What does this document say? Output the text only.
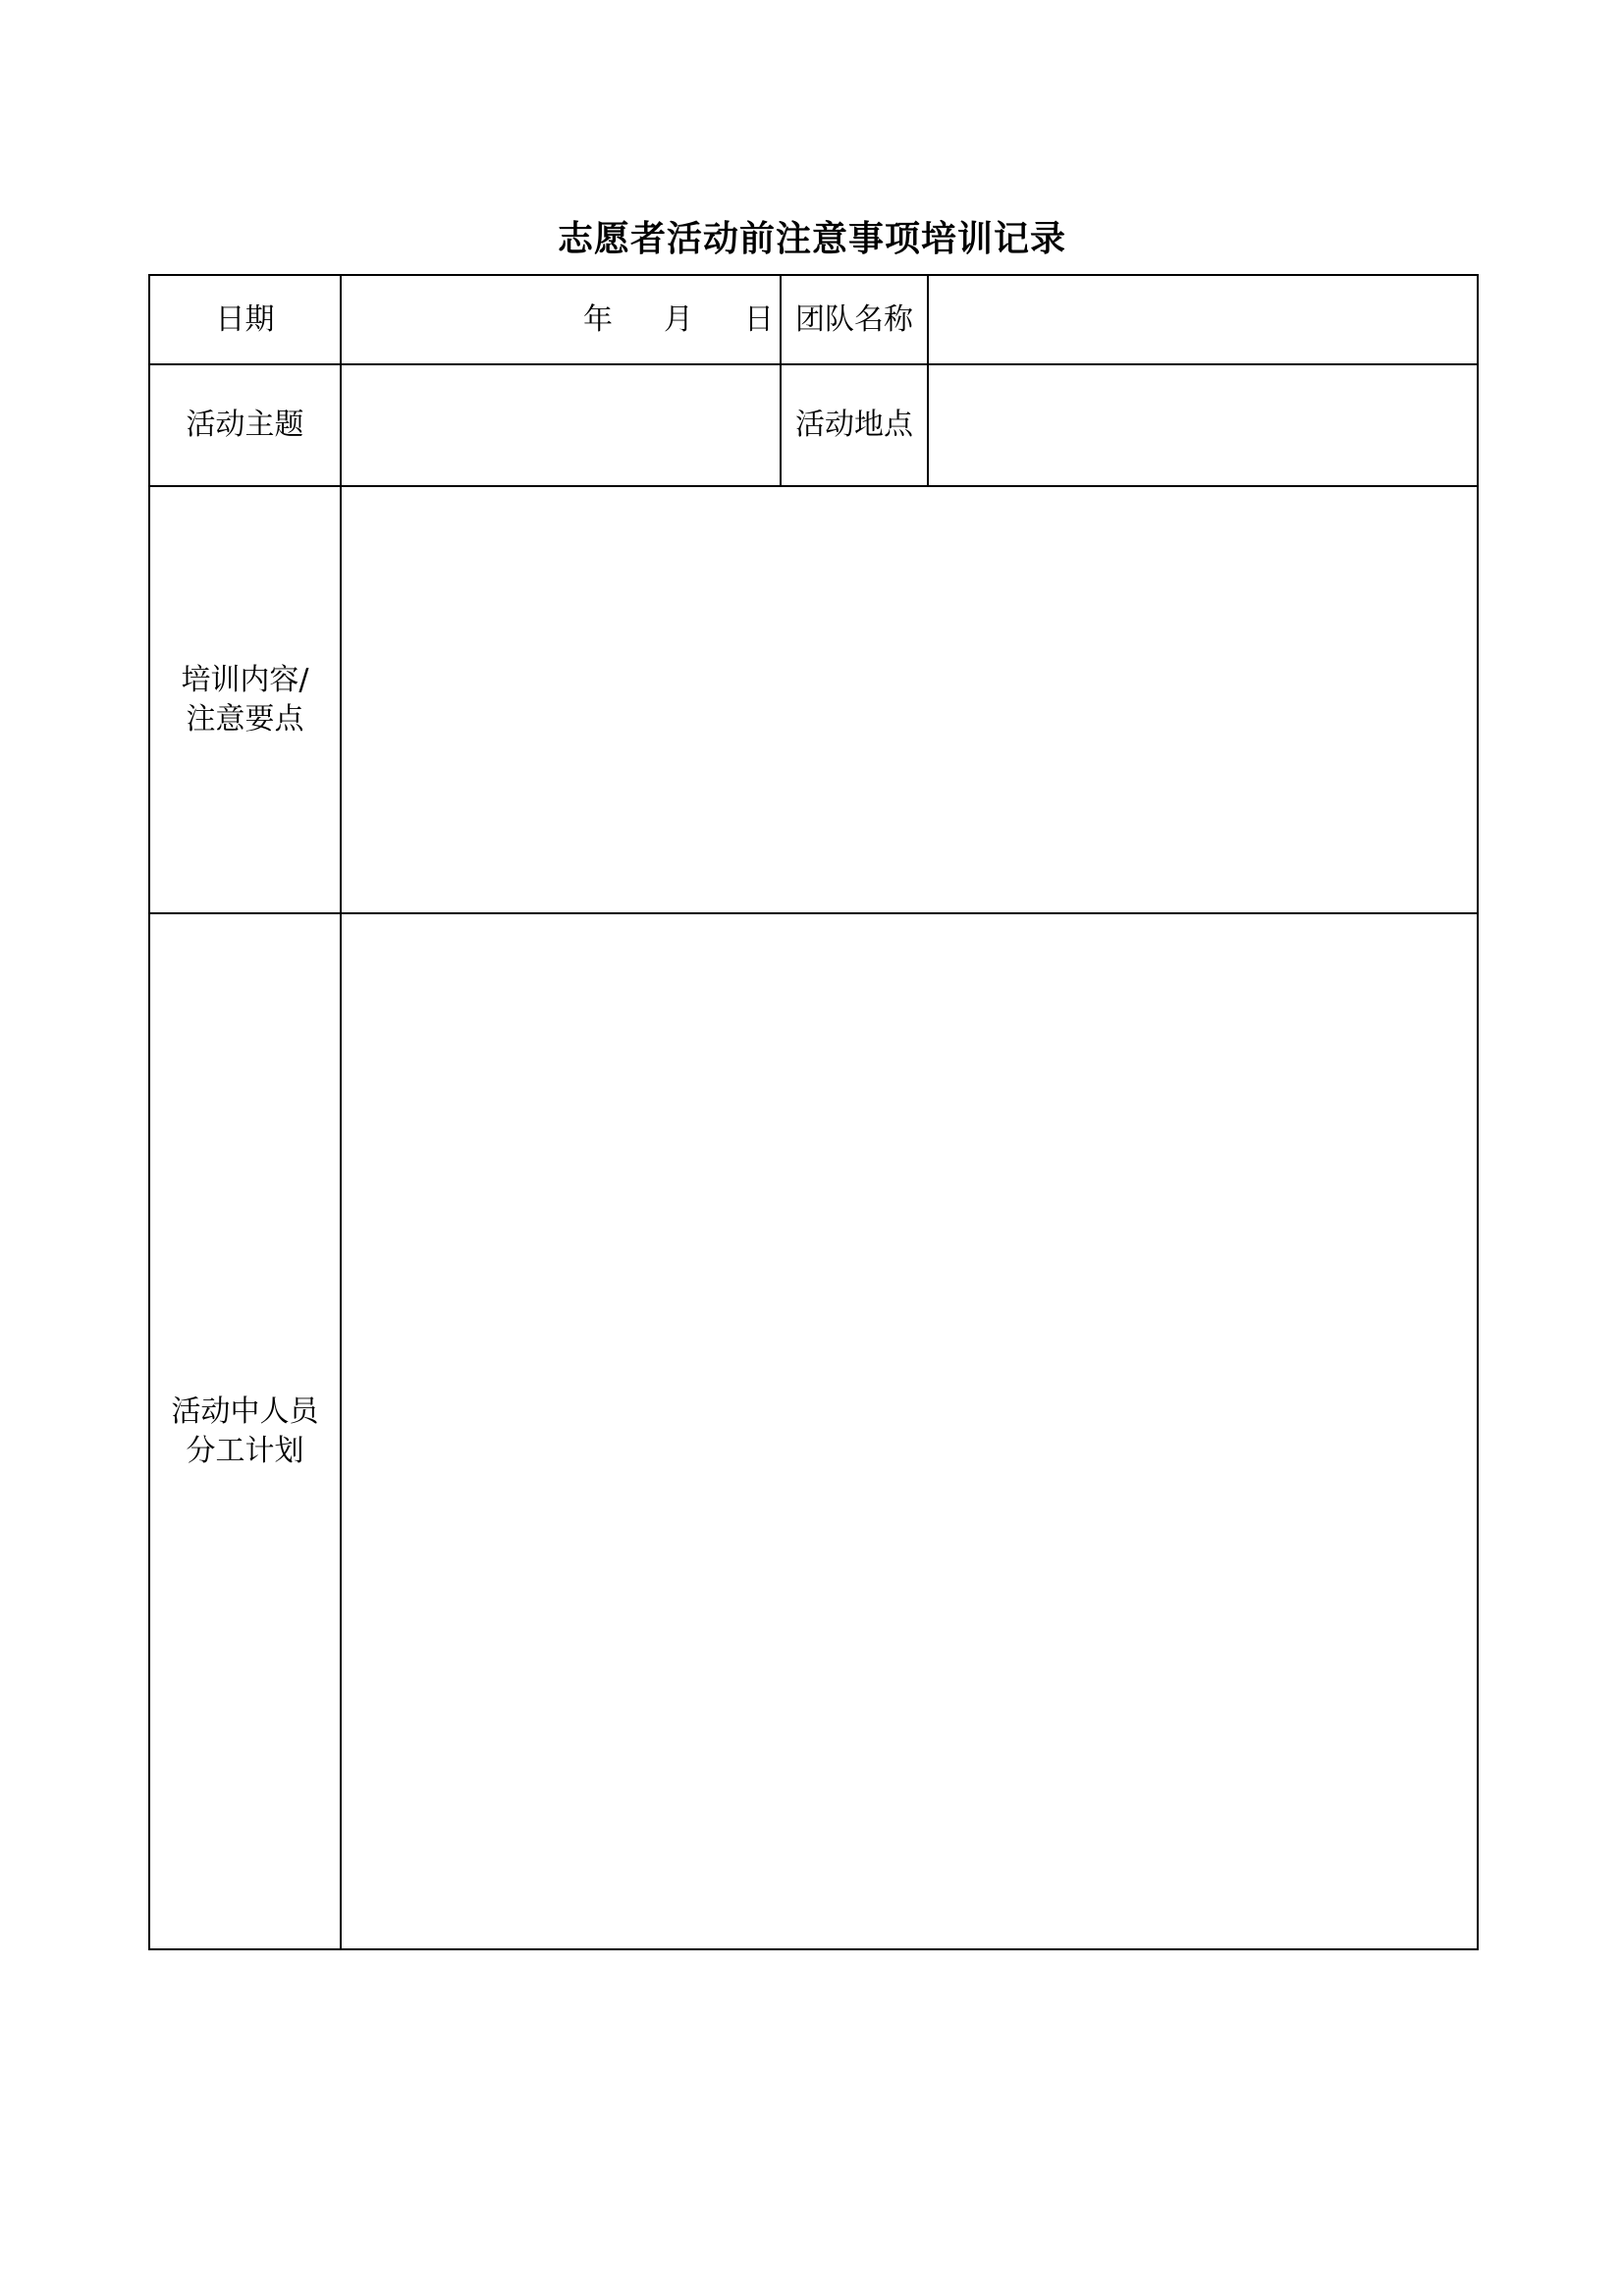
志愿者活动前注意事项培训记录
日期	年 月 日	团队名称	
活动主题		活动地点	

培训内容/
注意要点			

活动中人员
分工计划			
